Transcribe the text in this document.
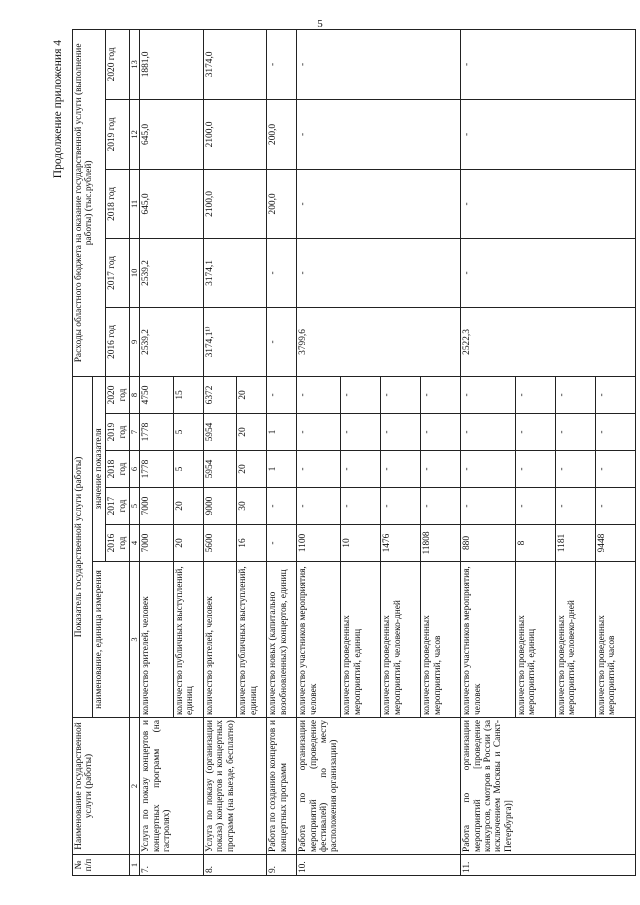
5
Продолжение приложения 4
№ п/п	Наименование государственной услуги (работы)	Показатель государственной услуги (работы)						Расходы областного бюджета на оказание государственной услуги (выполнение работы) (тыс.рублей)				
		наименование, единица измерения	значение показателя									
			2016 год	2017 год	2018 год	2019 год	2020 год	2016 год	2017 год	2018 год	2019 год	2020 год
1	2	3	4	5	6	7	8	9	10	11	12	13
7.	Услуга по показу концертов и концертных программ (на гастролях)	количество зрителей, человек	7000	7000	1778	1778	4750	2539,2	2539,2	645,0	645,0	1881,0
		количество публичных выступлений, единиц	20	20	5	5	15					
8.	Услуга по показу (организации показа) концертов и концертных программ (на выезде, бесплатно)	количество зрителей, человек	5600	9000	5954	5954	6372	3174,1¹⁾	3174,1	2100,0	2100,0	3174,0
		количество публичных выступлений, единиц	16	30	20	20	20					
9.	Работа по созданию концертов и концертных программ	количество новых (капитально возобновленных) концертов, единиц	-	-	1	1	-	-	-	200,0	200,0	-
10.	Работа по организации мероприятий (проведение фестивалей) по месту расположения организации)	количество участников мероприятия, человек	1100	-	-	-	-	3799,6	-	-	-	-
		количество проведенных мероприятий, единиц	10	-	-	-	-					
		количество проведенных мероприятий, человеко-дней	1476	-	-	-	-					
		количество проведенных мероприятий, часов	11808	-	-	-	-					
11.	Работа по организации мероприятий [проведение конкурсов, смотров в России (за исключением Москвы и Санкт-Петербурга)]	количество участников мероприятия, человек	880	-	-	-	-	2522,3	-	-	-	-
		количество проведенных мероприятий, единиц	8	-	-	-	-					
		количество проведенных мероприятий, человеко-дней	1181	-	-	-	-					
		количество проведенных мероприятий, часов	9448	-	-	-	-					
